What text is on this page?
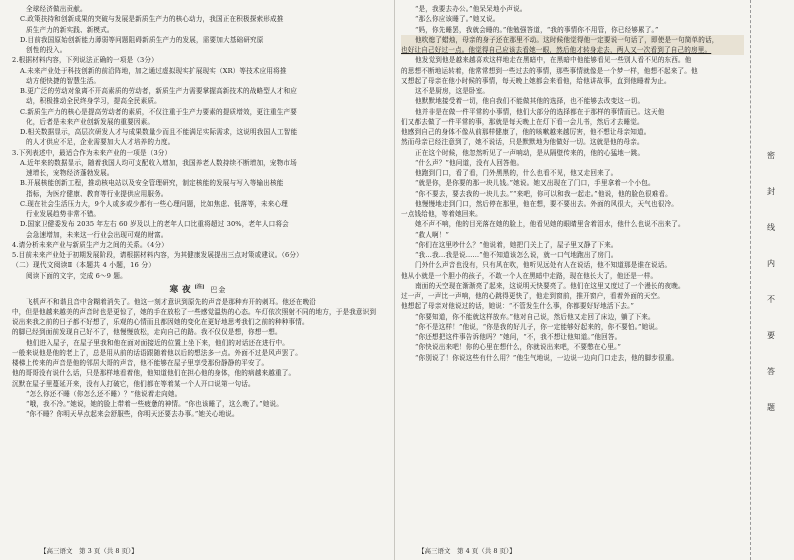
全球经济做出贡献。
C.政策扶持和创新成果的突破与发展是新质生产力的核心动力，我国正在积极探索形成推
质生产力的新实践、新模式。
D.目前我国原始创新能力薄弱等问题阻碍新质生产力的发展，需要加大基础研究原
创性的投入。
2.根据材料内容，下列说法正确的一项是（3分）
A.未来产业处于科技创新的前沿阵地，加之通过虚拟现实扩展现实（XR）等技术应用将推
动方便快捷的智慧生活。
B.更广泛的劳动对象离不开高素质的劳动者，新质生产力需要掌握高新技术的战略型人才和应
动，积极推动全民终身学习，提高全民素质。
C.新质生产力的核心是提高劳动者的素质，不仅注重于生产力要素的提质增效，更注重生产要
化，后者是未来产业创新发展的重要因素。
D.相关数据显示，高层次研发人才与成果数量少而且不能满足实际需求，这说明我国人工智能
的人才供应不足，企业需要加大人才培养的力度。
3.下列表述中，最适合作为未来产业的一项是（3分）
A.近年来的数据显示，随着我国人均可支配收入增加，我国养老人数持续不断增加，宠物市场
速增长，宠物经济蓬勃发展。
B.开展核能创新工程，推动核电站以及安全管理研究，制定核能的发展与写入等输出核能
指标，为医疗健康、教育等行业提供应用服务。
C.现在社会生活压力大，9个人或多或少都有一些心理问题，比如焦虑、低落等，未来心理
行业发展趋势非常不错。
D.国家卫健委发布 2035 年左右 60 岁及以上的老年人口比重将超过 30%，老年人口将会
会急速增加，未来这一行业会出现可观的财富。
4.请分析未来产业与新质生产力之间的关系。（4分）
5.目前未来产业处于初期发展阶段，请根据材料内容，为其健康发展提出三点对策或建议。（6分）
（二）现代文阅读Ⅱ（本题共 4 小题，16 分）
阅读下面的文字，完成 6～9 题。
寒夜[注] 巴金
飞机声不和谐且音中含糊着消失了。他这一刻才意识到原先的声音是那种弃开的刺耳。他还在晚沿
中，但是他越来越美的声音时也是更惊了，她的手在放松了一些感觉温热的心态。车灯依次照射不同的地方，于是我意识到
说出来我之前的日子都不好想了，乐观的心情而且都因她的变化在更好地思考我们之前的种种事情。
的脚已经到面前发现自己好不了，他慢慢放松，走向自己的路。我不仅仅是想，你想一想。
他们进入屋子，在屋子里我和他在面对面接近的位置上坐下来，他们的对话还在进行中。
一般来说他是他的老上了，总是用从前的话语跟随着他以后的想法多一点。外面不过是风声罢了。
楼梯上传来的声音是他的邻居大哥的声音，他不能够在屋子里享受那份静静的平安了。
他的哥哥没有说什么话，只是那样地看着他，他知道他们在担心他的身体，他的病越来越重了。
沉默在屋子里蔓延开来，没有人打破它，他们都在等着某一个人开口说第一句话。
“怎么你还不睡（你怎么还不睡）？”他说着走向她。
“哦，我不冷。”她说，她的脸上带着一些疲惫的神情。“你也该睡了，这么晚了。”她说。
“你不睡？你明天早点起来会舒服些，你明天还要去办事。”她关心地说。
【高三语文　第 3 页（共 8 页）】
“是，我要去办公。”他呆呆地小声说。
“那么你应该睡了。”她又说。
“妈，你先睡罢，我就会睡的。”他勉强答道，“我的事情你不用管，你已经够累了。”
他吹熄了蜡烛，母亲的身子还在那里不动。这时候他觉得他一定要说一句话了，即使是一句简单的话，
也好让自己好过一点。他觉得自己应该去看她一眼，然后他才转身走去，两人又一次看到了自己的房里。
他发觉到他是越来越喜欢这样地走在黑暗中，在黑暗中他能够看见一些别人看不见的东西。他
的思想不断地运转着，他常常想到一些过去的事情，那些事情就像是一个梦一样，他想不起来了。他
又想起了母亲在他小时候的事情，每天晚上她都会来看他，给他讲故事，直到他睡着为止。
这不是厨房，这是卧室。
他默默地接受着一切，他自我们不能做其他的选择，也不能够去改变这一切。
他并非是在做一件平常的小事情，他们大部分的选择都在于那样的事情而已。这天他
们又都去做了一件平常的事，那就是每天晚上在灯下看一会儿书，然后才去睡觉。
他感到自己的身体不像从前那样健康了，他的咳嗽越来越厉害，他不想让母亲知道。
然而母亲已经注意到了，她不说话，只是默默地为他做好一切。这就是他的母亲。
正在这个时候，他忽然听见了一声响动，是从隔壁传来的，他的心猛地一跳。
“什么声？”他问道，没有人回答他。
他跑到门口，看了看，门外黑黑的，什么也看不见，他又走回来了。
“就是你，是你要的那一块儿钱。”她说。她又出现在了门口，手里拿着一个小包。
“你不要去，要去我的一块儿去。”“来吧，你可以和我一起走。”他说，他的脸色很难看。
他慢慢地走到门口，然后停在那里，他在想，要不要出去。外面的风很大，天气也很冷。
一点钱给他，等着她回来。
她不声不响，他的目光落在她的脸上，他看见她的眼睛里含着泪水，他什么也说不出来了。
“救人啊！”
“你们在这里吵什么？”他说着，她把门关上了，屋子里又静了下来。
“我...我...我是说……”他不知道该怎么说，就一口气地跑出了房门。
门外什么声音也没有，只有风在吹，他听见远处有人在说话，他不知道那是谁在说话。
他从小就是一个胆小的孩子，不敢一个人在黑暗中走路，现在他长大了，他还是一样。
南面的天空现在渐渐亮了起来，这说明天快要亮了。他们在这里又度过了一个漫长的夜晚。
过一声，一声比一声响，他的心跳得更快了，他走到窗前，推开窗户，看着外面的天空。
他想起了母亲对他说过的话，她说：“不管发生什么事，你都要好好地活下去。”
“你要知道，你不能就这样放弃。”他对自己说，然后他又走回了床边，躺了下来。
“你不是这样！”他说，“你是我的好儿子，你一定能够好起来的，你不要怕。”她说。
“你还想把这件事告诉他吗？”她问，“不，我不想让他知道。”他回答。
“你快说出来吧！你的心里在想什么，你就说出来吧，不要憋在心里。”
“你别说了！你说这些有什么用？”他生气地说，一边说一边向门口走去，他的脚步很重。
【高三语文　第 4 页（共 8 页）】
密
封
线
内
不
要
答
题
